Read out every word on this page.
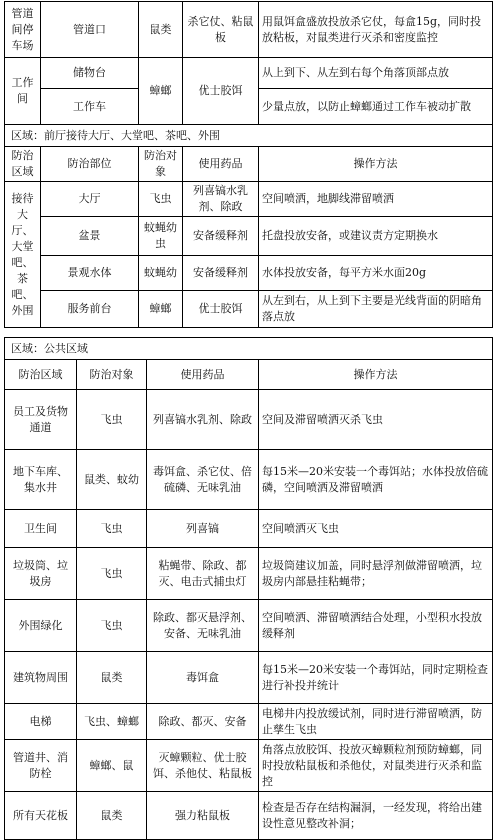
管道间停车场	管道口	鼠类	杀它仗、粘鼠板	用鼠饵盒盛放投放杀它仗，每盒15g，同时投放粘板，对鼠类进行灭杀和密度监控
工作间	储物台	蟑螂	优士胶饵	从上到下、从左到右每个角落顶部点放
	工作车			少量点放，以防止蟑螂通过工作车被动扩散
区域：前厅接待大厅、大堂吧、茶吧、外围				
防治区域	防治部位	防治对象	使用药品	操作方法
接待大厅、大堂吧、茶吧、外围	大厅	飞虫	列喜镐水乳剂、除政	空间喷洒，地脚线滞留喷洒
	盆景	蚊蝇幼虫	安备缓释剂	托盘投放安备，或建议责方定期换水
	景观水体	蚊蝇幼	安备缓释剂	水体投放安备，每平方米水面20g
	服务前台	蟑螂	优士胶饵	从左到右，从上到下主要是光线背面的阴暗角落点放
区域：公共区域			
防治区域	防治对象	使用药品	操作方法
员工及货物通道	飞虫	列喜镐水乳剂、除政	空间及滞留喷洒灭杀飞虫
地下车库、集水井	鼠类、蚊幼	毒饵盒、杀它仗、倍硫磷、无味乳油	每15米—20米安装一个毒饵站；水体投放倍硫磷，空间喷洒及滞留喷洒
卫生间	飞虫	列喜镐	空间喷洒灭飞虫
垃圾筒、垃圾房	飞虫	粘蝇带、除政、都灭、电击式捕虫灯	垃圾筒建议加盖，同时悬浮剂做滞留喷洒，垃圾房内部悬挂粘蝇带；
外围绿化	飞虫	除政、都灭悬浮剂、安备、无味乳油	空间喷洒、滞留喷洒结合处理，小型积水投放缓释剂
建筑物周围	鼠类	毒饵盒	每15米—20米安装一个毒饵站，同时定期检查进行补投并统计
电梯	飞虫、蟑螂	除政、都灭、安备	电梯井内投放缓试剂，同时进行滞留喷洒，防止孳生飞虫
管道井、消防栓	蟑螂、鼠	灭蟑颗粒、优士胶饵、杀他仗、粘鼠板	角落点放胶饵、投放灭蟑颗粒剂预防蟑螂，同时投放粘鼠板和杀他仗，对鼠类进行灭杀和监控
所有天花板	鼠类	强力粘鼠板	检查是否存在结构漏洞，一经发现，将给出建设性意见整改补洞；
